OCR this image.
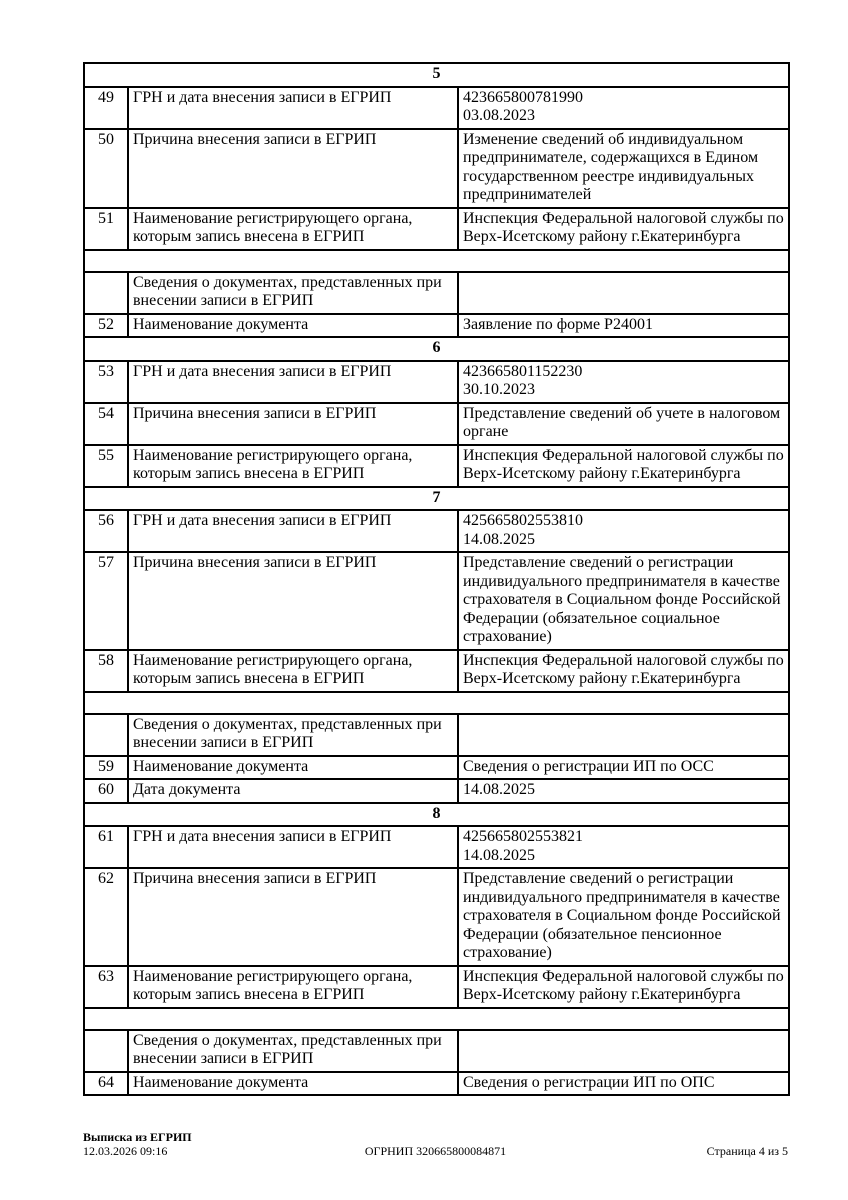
5		
49	ГРН и дата внесения записи в ЕГРИП	423665800781990
03.08.2023

50	Причина внесения записи в ЕГРИП	Изменение сведений об индивидуальном предпринимателе, содержащихся в Едином государственном реестре индивидуальных предпринимателей

51	Наименование регистрирующего органа, которым запись внесена в ЕГРИП	Инспекция Федеральной налоговой службы по Верх-Исетскому району г.Екатеринбурга

	Сведения о документах, представленных при внесении записи в ЕГРИП	
52	Наименование документа	Заявление по форме Р24001

6		
53	ГРН и дата внесения записи в ЕГРИП	423665801152230
30.10.2023

54	Причина внесения записи в ЕГРИП	Представление сведений об учете в налоговом органе

55	Наименование регистрирующего органа, которым запись внесена в ЕГРИП	Инспекция Федеральной налоговой службы по Верх-Исетскому району г.Екатеринбурга

7		
56	ГРН и дата внесения записи в ЕГРИП	425665802553810
14.08.2025

57	Причина внесения записи в ЕГРИП	Представление сведений о регистрации индивидуального предпринимателя в качестве страхователя в Социальном фонде Российской Федерации (обязательное социальное страхование)

58	Наименование регистрирующего органа, которым запись внесена в ЕГРИП	Инспекция Федеральной налоговой службы по Верх-Исетскому району г.Екатеринбурга

	Сведения о документах, представленных при внесении записи в ЕГРИП	
59	Наименование документа	Сведения о регистрации ИП по ОСС

60	Дата документа	14.08.2025

8		
61	ГРН и дата внесения записи в ЕГРИП	425665802553821
14.08.2025

62	Причина внесения записи в ЕГРИП	Представление сведений о регистрации индивидуального предпринимателя в качестве страхователя в Социальном фонде Российской Федерации (обязательное пенсионное страхование)

63	Наименование регистрирующего органа, которым запись внесена в ЕГРИП	Инспекция Федеральной налоговой службы по Верх-Исетскому району г.Екатеринбурга

	Сведения о документах, представленных при внесении записи в ЕГРИП	
64	Наименование документа	Сведения о регистрации ИП по ОПС
Выписка из ЕГРИП
12.03.2026 09:16	ОГРНИП 320665800084871	Страница 4 из 5
